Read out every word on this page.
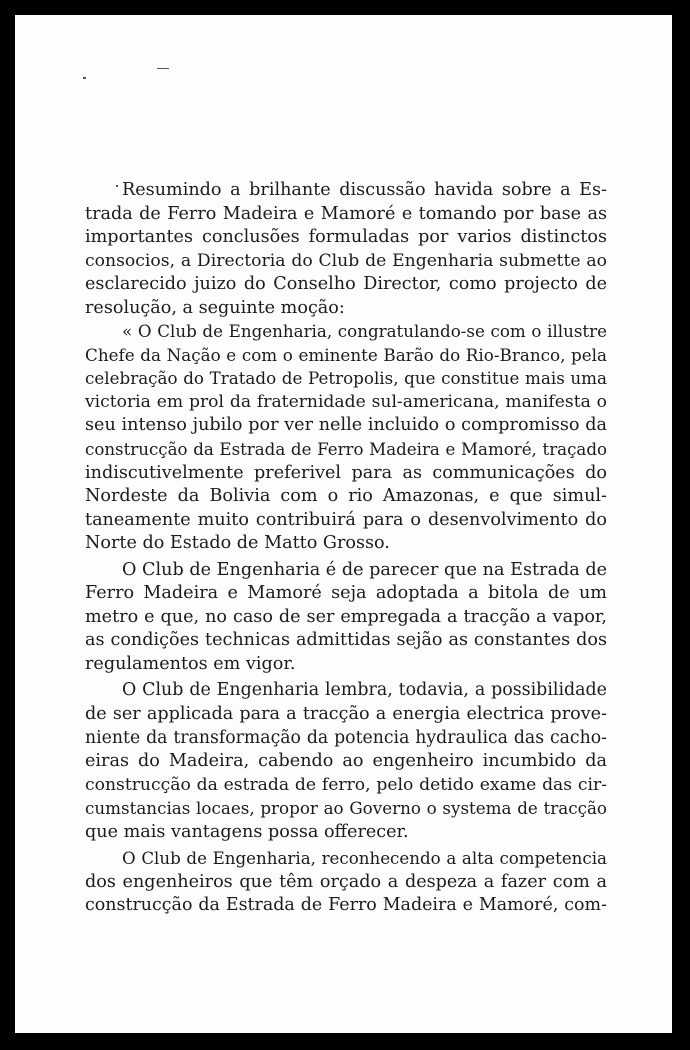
Resumindo a brilhante discussão havida sobre a Es-
trada de Ferro Madeira e Mamoré e tomando por base as
importantes conclusões formuladas por varios distinctos
consocios, a Directoria do Club de Engenharia submette ao
esclarecido juizo do Conselho Director, como projecto de
resolução, a seguinte moção:
« O Club de Engenharia, congratulando-se com o illustre
Chefe da Nação e com o eminente Barão do Rio-Branco, pela
celebração do Tratado de Petropolis, que constitue mais uma
victoria em prol da fraternidade sul-americana, manifesta o
seu intenso jubilo por ver nelle incluido o compromisso da
construcção da Estrada de Ferro Madeira e Mamoré, traçado
indiscutivelmente preferivel para as communicações do
Nordeste da Bolivia com o rio Amazonas, e que simul-
taneamente muito contribuirá para o desenvolvimento do
Norte do Estado de Matto Grosso.
O Club de Engenharia é de parecer que na Estrada de
Ferro Madeira e Mamoré seja adoptada a bitola de um
metro e que, no caso de ser empregada a tracção a vapor,
as condições technicas admittidas sejão as constantes dos
regulamentos em vigor.
O Club de Engenharia lembra, todavia, a possibilidade
de ser applicada para a tracção a energia electrica prove-
niente da transformação da potencia hydraulica das cacho-
eiras do Madeira, cabendo ao engenheiro incumbido da
construcção da estrada de ferro, pelo detido exame das cir-
cumstancias locaes, propor ao Governo o systema de tracção
que mais vantagens possa offerecer.
O Club de Engenharia, reconhecendo a alta competencia
dos engenheiros que têm orçado a despeza a fazer com a
construcção da Estrada de Ferro Madeira e Mamoré, com-
